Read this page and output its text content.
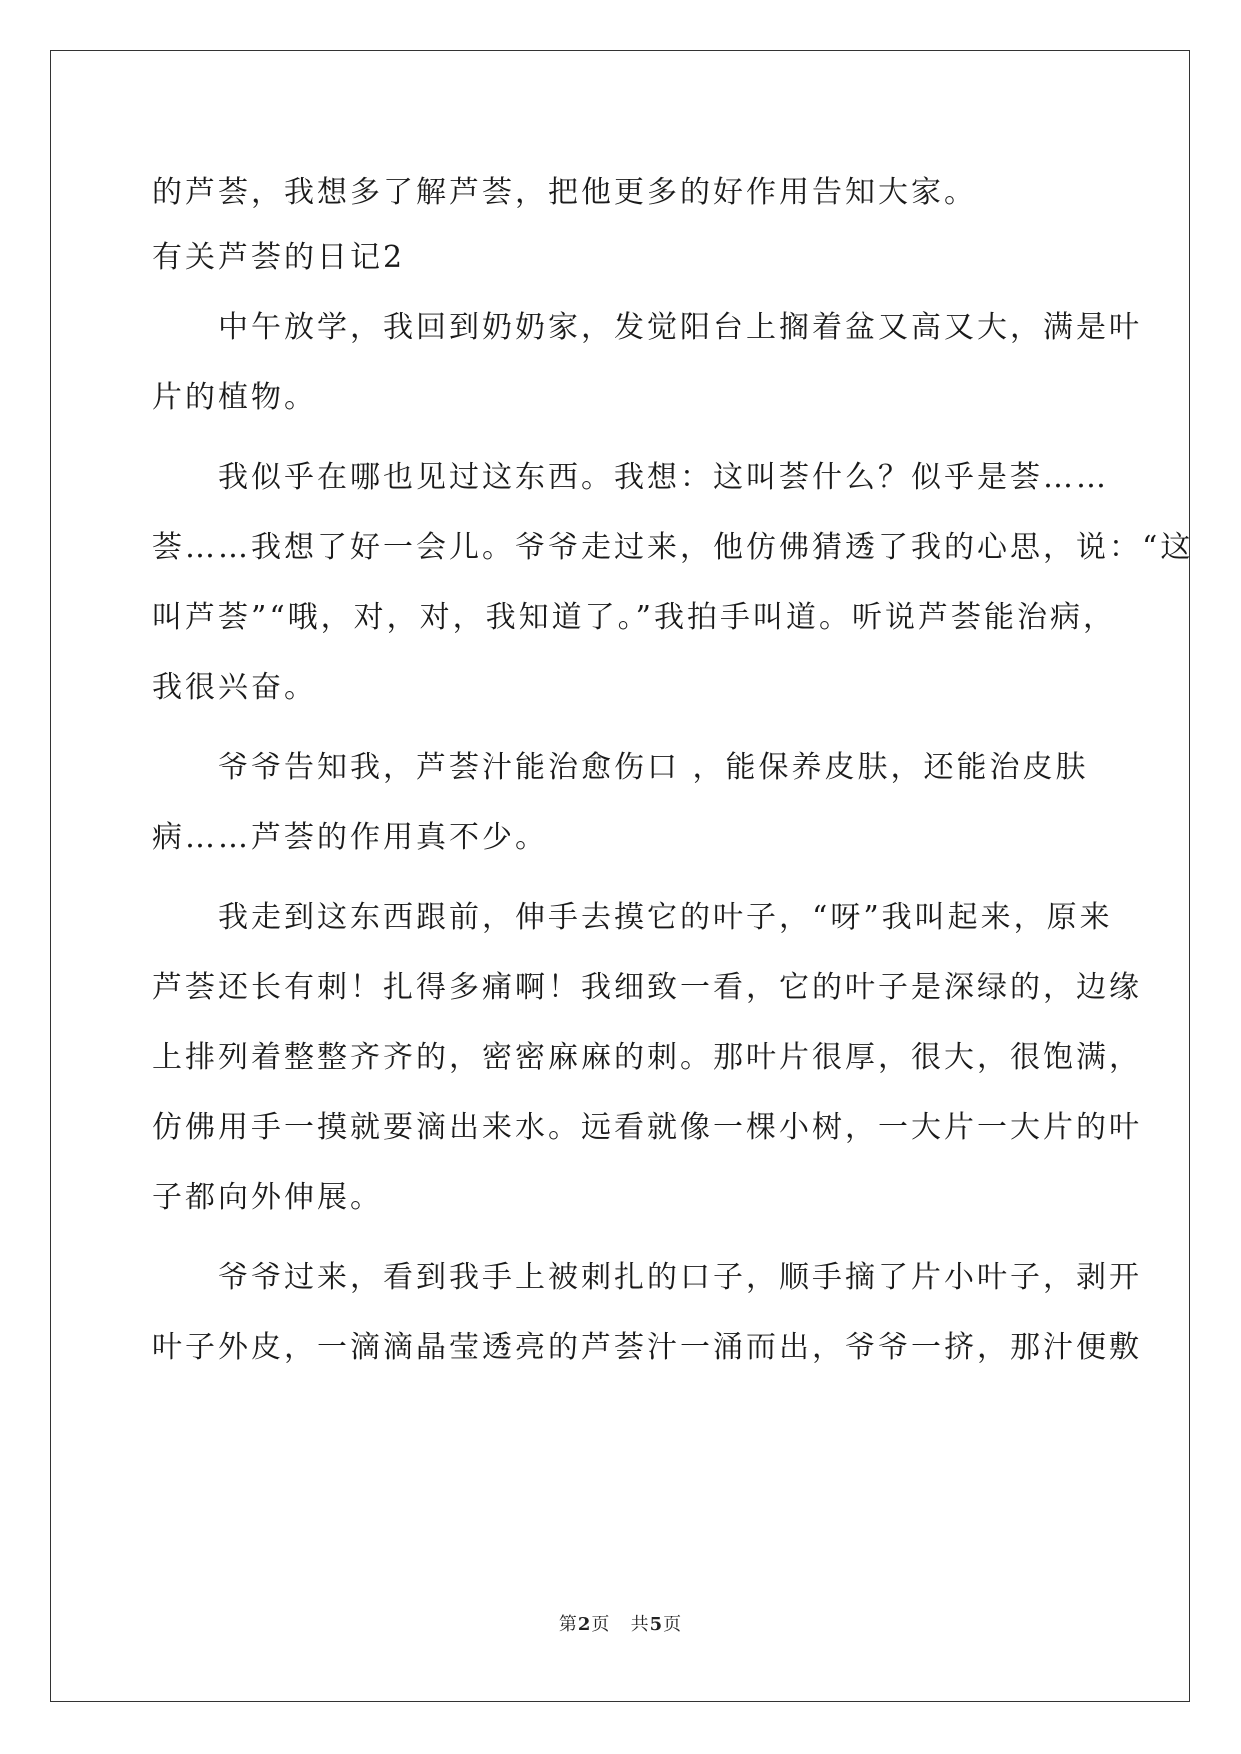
的芦荟，我想多了解芦荟，把他更多的好作用告知大家。
有关芦荟的日记2
　　中午放学，我回到奶奶家，发觉阳台上搁着盆又高又大，满是叶
片的植物。
　　我似乎在哪也见过这东西。我想：这叫荟什么？似乎是荟……
荟……我想了好一会儿。爷爷走过来，他仿佛猜透了我的心思，说：“这
叫芦荟”“哦，对，对，我知道了。”我拍手叫道。听说芦荟能治病，
我很兴奋。
　　爷爷告知我，芦荟汁能治愈伤口 ，能保养皮肤，还能治皮肤
病……芦荟的作用真不少。
　　我走到这东西跟前，伸手去摸它的叶子，“呀”我叫起来，原来
芦荟还长有刺！扎得多痛啊！我细致一看，它的叶子是深绿的，边缘
上排列着整整齐齐的，密密麻麻的刺。那叶片很厚，很大，很饱满，
仿佛用手一摸就要滴出来水。远看就像一棵小树，一大片一大片的叶
子都向外伸展。
　　爷爷过来，看到我手上被刺扎的口子，顺手摘了片小叶子，剥开
叶子外皮，一滴滴晶莹透亮的芦荟汁一涌而出，爷爷一挤，那汁便敷
第2页 共5页
